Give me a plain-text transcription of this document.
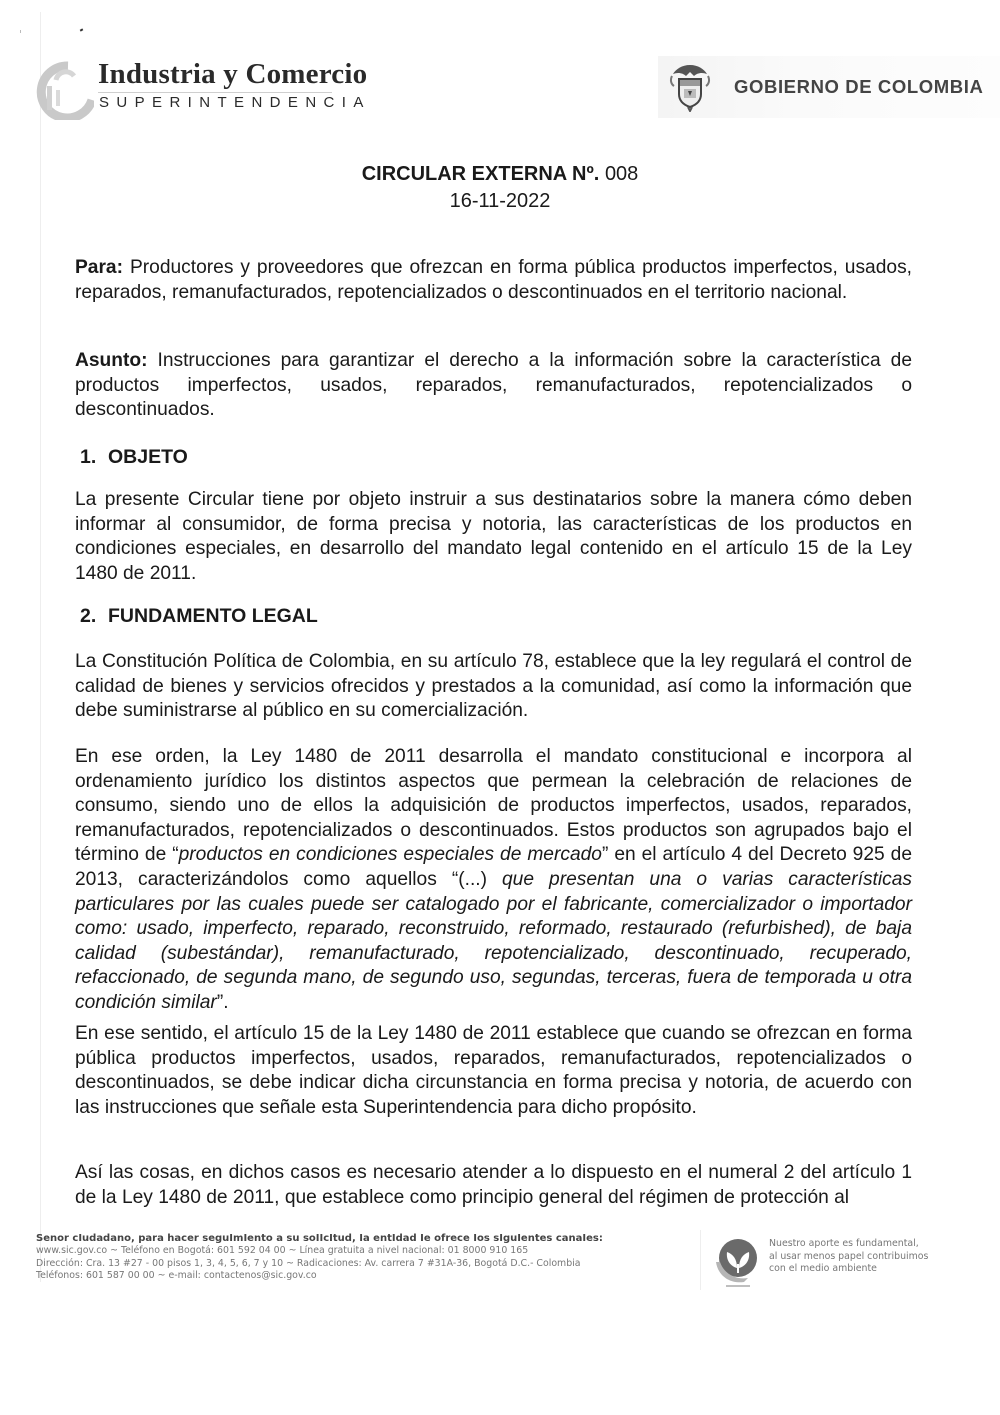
Industria y Comercio
SUPERINTENDENCIA
GOBIERNO DE COLOMBIA
CIRCULAR EXTERNA Nº. 008
16-11-2022
Para: Productores y proveedores que ofrezcan en forma pública productos imperfectos, usados, reparados, remanufacturados, repotencializados o descontinuados en el territorio nacional.
Asunto: Instrucciones para garantizar el derecho a la información sobre la característica de productos imperfectos, usados, reparados, remanufacturados, repotencializados o descontinuados.
1. OBJETO
La presente Circular tiene por objeto instruir a sus destinatarios sobre la manera cómo deben informar al consumidor, de forma precisa y notoria, las características de los productos en condiciones especiales, en desarrollo del mandato legal contenido en el artículo 15 de la Ley 1480 de 2011.
2. FUNDAMENTO LEGAL
La Constitución Política de Colombia, en su artículo 78, establece que la ley regulará el control de calidad de bienes y servicios ofrecidos y prestados a la comunidad, así como la información que debe suministrarse al público en su comercialización.
En ese orden, la Ley 1480 de 2011 desarrolla el mandato constitucional e incorpora al ordenamiento jurídico los distintos aspectos que permean la celebración de relaciones de consumo, siendo uno de ellos la adquisición de productos imperfectos, usados, reparados, remanufacturados, repotencializados o descontinuados. Estos productos son agrupados bajo el término de “productos en condiciones especiales de mercado” en el artículo 4 del Decreto 925 de 2013, caracterizándolos como aquellos “(...) que presentan una o varias características particulares por las cuales puede ser catalogado por el fabricante, comercializador o importador como: usado, imperfecto, reparado, reconstruido, reformado, restaurado (refurbished), de baja calidad (subestándar), remanufacturado, repotencializado, descontinuado, recuperado, refaccionado, de segunda mano, de segundo uso, segundas, terceras, fuera de temporada u otra condición similar”.
En ese sentido, el artículo 15 de la Ley 1480 de 2011 establece que cuando se ofrezcan en forma pública productos imperfectos, usados, reparados, remanufacturados, repotencializados o descontinuados, se debe indicar dicha circunstancia en forma precisa y notoria, de acuerdo con las instrucciones que señale esta Superintendencia para dicho propósito.
Así las cosas, en dichos casos es necesario atender a lo dispuesto en el numeral 2 del artículo 1 de la Ley 1480 de 2011, que establece como principio general del régimen de protección al
Senor cIudadano, para hacer seguImIento a su soIIcItud, Ia entIdad Ie ofrece Ios sIguIentes canaIes:
www.sic.gov.co ~ Teléfono en Bogotá: 601 592 04 00 ~ Línea gratuita a nivel nacional: 01 8000 910 165
Dirección: Cra. 13 #27 - 00 pisos 1, 3, 4, 5, 6, 7 y 10 ~ Radicaciones: Av. carrera 7 #31A-36, Bogotá D.C.- Colombia
Teléfonos: 601 587 00 00 ~ e-mail: contactenos@sic.gov.co
Nuestro aporte es fundamental,
al usar menos papel contribuimos
con el medio ambiente
